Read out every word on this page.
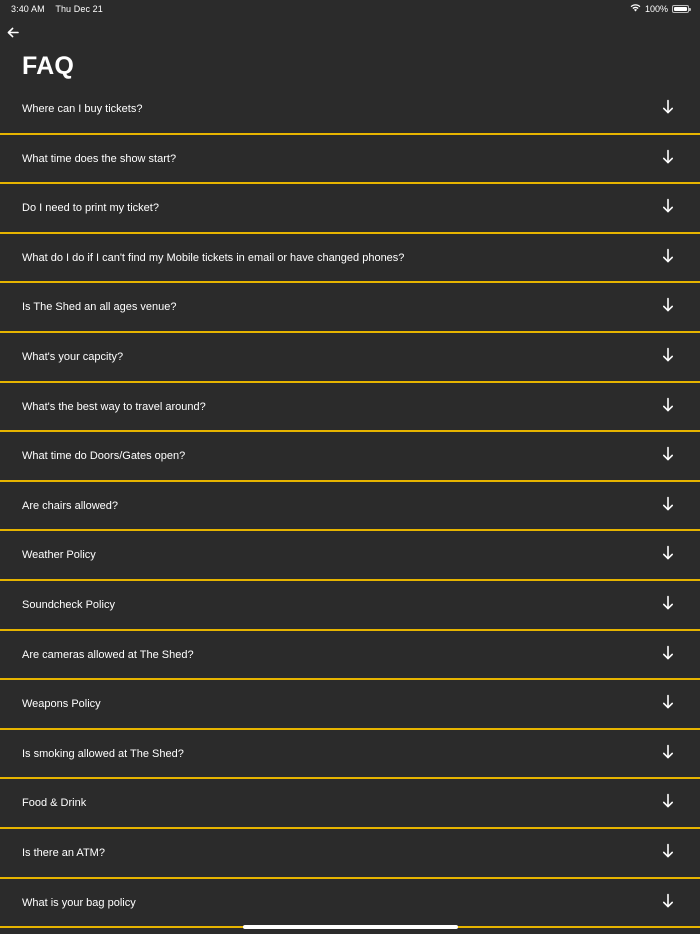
3:40 AM Thu Dec 21	100%
FAQ
Where can I buy tickets?
What time does the show start?
Do I need to print my ticket?
What do I do if I can't find my Mobile tickets in email or have changed phones?
Is The Shed an all ages venue?
What's your capcity?
What's the best way to travel around?
What time do Doors/Gates open?
Are chairs allowed?
Weather Policy
Soundcheck Policy
Are cameras allowed at The Shed?
Weapons Policy
Is smoking allowed at The Shed?
Food & Drink
Is there an ATM?
What is your bag policy
